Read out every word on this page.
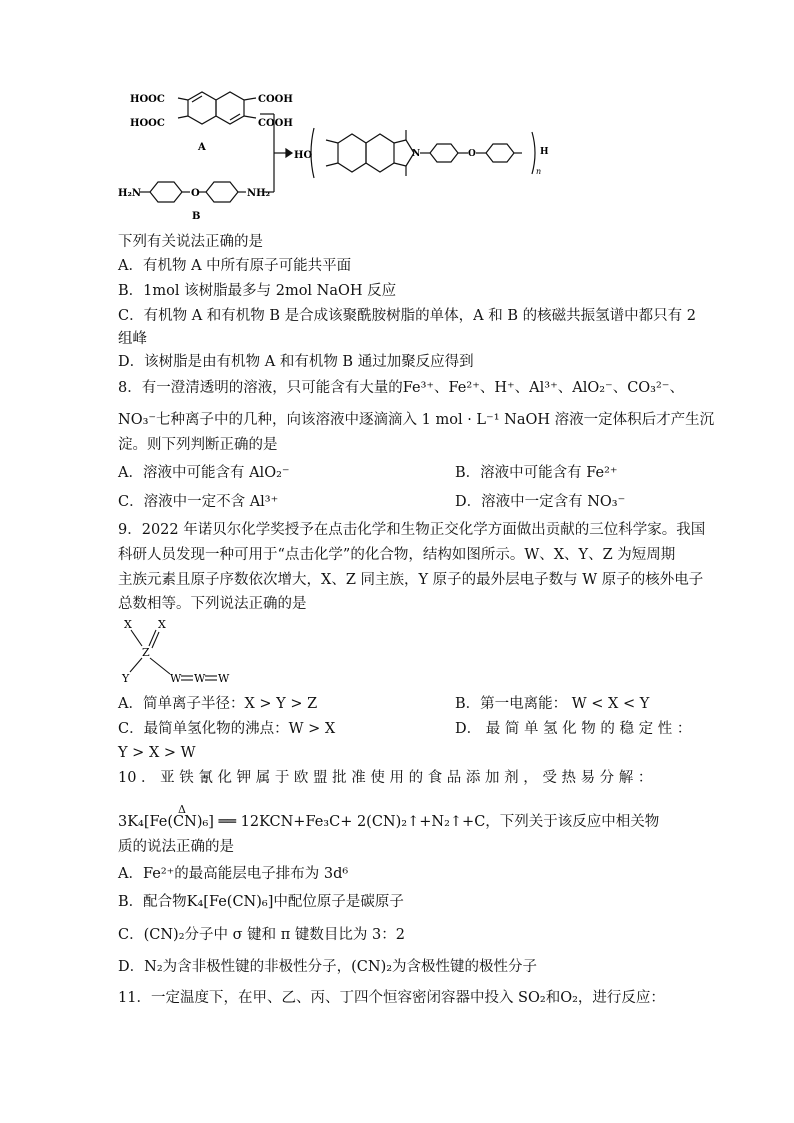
HOOC
HOOC
COOH
COOH
A
H₂N	O	NH₂
B
HO	N	O	H
n
下列有关说法正确的是
A．有机物 A 中所有原子可能共平面
B．1mol 该树脂最多与 2mol NaOH 反应
C．有机物 A 和有机物 B 是合成该聚酰胺树脂的单体，A 和 B 的核磁共振氢谱中都只有 2
组峰
D．该树脂是由有机物 A 和有机物 B 通过加聚反应得到
8．有一澄清透明的溶液，只可能含有大量的Fe³⁺、Fe²⁺、H⁺、Al³⁺、AlO₂⁻、CO₃²⁻、
NO₃⁻七种离子中的几种，向该溶液中逐滴滴入 1 mol · L⁻¹ NaOH 溶液一定体积后才产生沉
淀。则下列判断正确的是
A．溶液中可能含有 AlO₂⁻	B．溶液中可能含有 Fe²⁺
C．溶液中一定不含 Al³⁺	D．溶液中一定含有 NO₃⁻
9．2022 年诺贝尔化学奖授予在点击化学和生物正交化学方面做出贡献的三位科学家。我国
科研人员发现一种可用于“点击化学”的化合物，结构如图所示。W、X、Y、Z 为短周期
主族元素且原子序数依次增大，X、Z 同主族，Y 原子的最外层电子数与 W 原子的核外电子
总数相等。下列说法正确的是
X X
Z
Y	W W W
A．简单离子半径：X > Y > Z	B．第一电离能： W < X < Y
C．最简单氢化物的沸点：W > X	D． 最 简 单 氢 化 物 的 稳 定 性 ：
Y > X > W
10 ． 亚 铁 氰 化 钾 属 于 欧 盟 批 准 使 用 的 食 品 添 加 剂 ， 受 热 易 分 解 ：
Δ
3K₄[Fe(CN)₆] ══ 12KCN+Fe₃C+ 2(CN)₂↑+N₂↑+C，下列关于该反应中相关物
质的说法正确的是
A．Fe²⁺的最高能层电子排布为 3d⁶
B．配合物K₄[Fe(CN)₆]中配位原子是碳原子
C．(CN)₂分子中 σ 键和 π 键数目比为 3：2
D．N₂为含非极性键的非极性分子，(CN)₂为含极性键的极性分子
11．一定温度下，在甲、乙、丙、丁四个恒容密闭容器中投入 SO₂和O₂，进行反应：
